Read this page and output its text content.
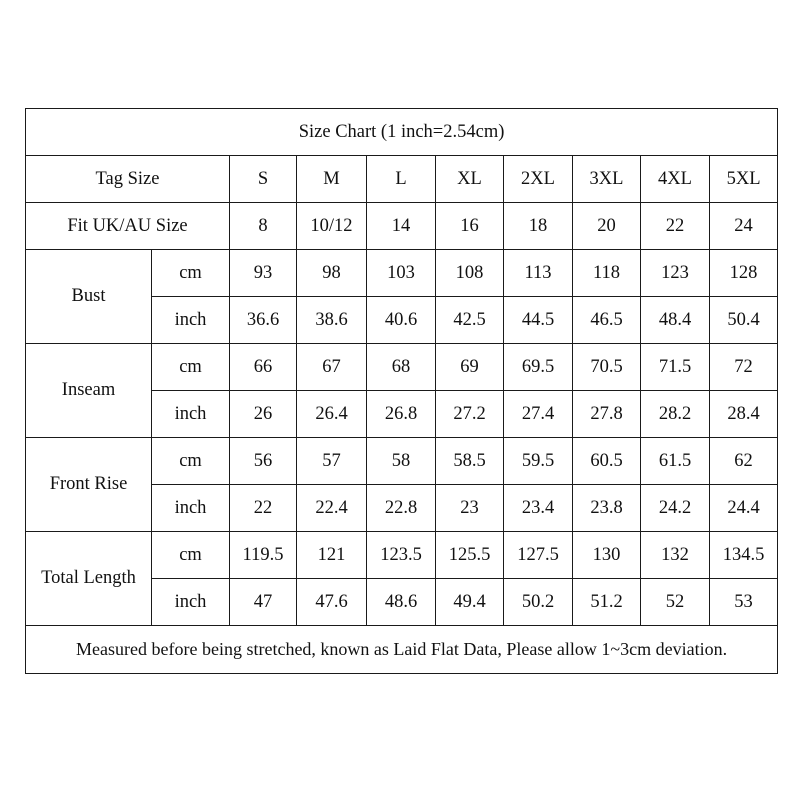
Size Chart (1 inch=2.54cm)									
Tag Size		S	M	L	XL	2XL	3XL	4XL	5XL
Fit UK/AU Size		8	10/12	14	16	18	20	22	24
Bust	cm	93	98	103	108	113	118	123	128
	inch	36.6	38.6	40.6	42.5	44.5	46.5	48.4	50.4
Inseam	cm	66	67	68	69	69.5	70.5	71.5	72
	inch	26	26.4	26.8	27.2	27.4	27.8	28.2	28.4
Front Rise	cm	56	57	58	58.5	59.5	60.5	61.5	62
	inch	22	22.4	22.8	23	23.4	23.8	24.2	24.4
Total Length	cm	119.5	121	123.5	125.5	127.5	130	132	134.5
	inch	47	47.6	48.6	49.4	50.2	51.2	52	53
Measured before being stretched, known as Laid Flat Data, Please allow 1~3cm deviation.									
